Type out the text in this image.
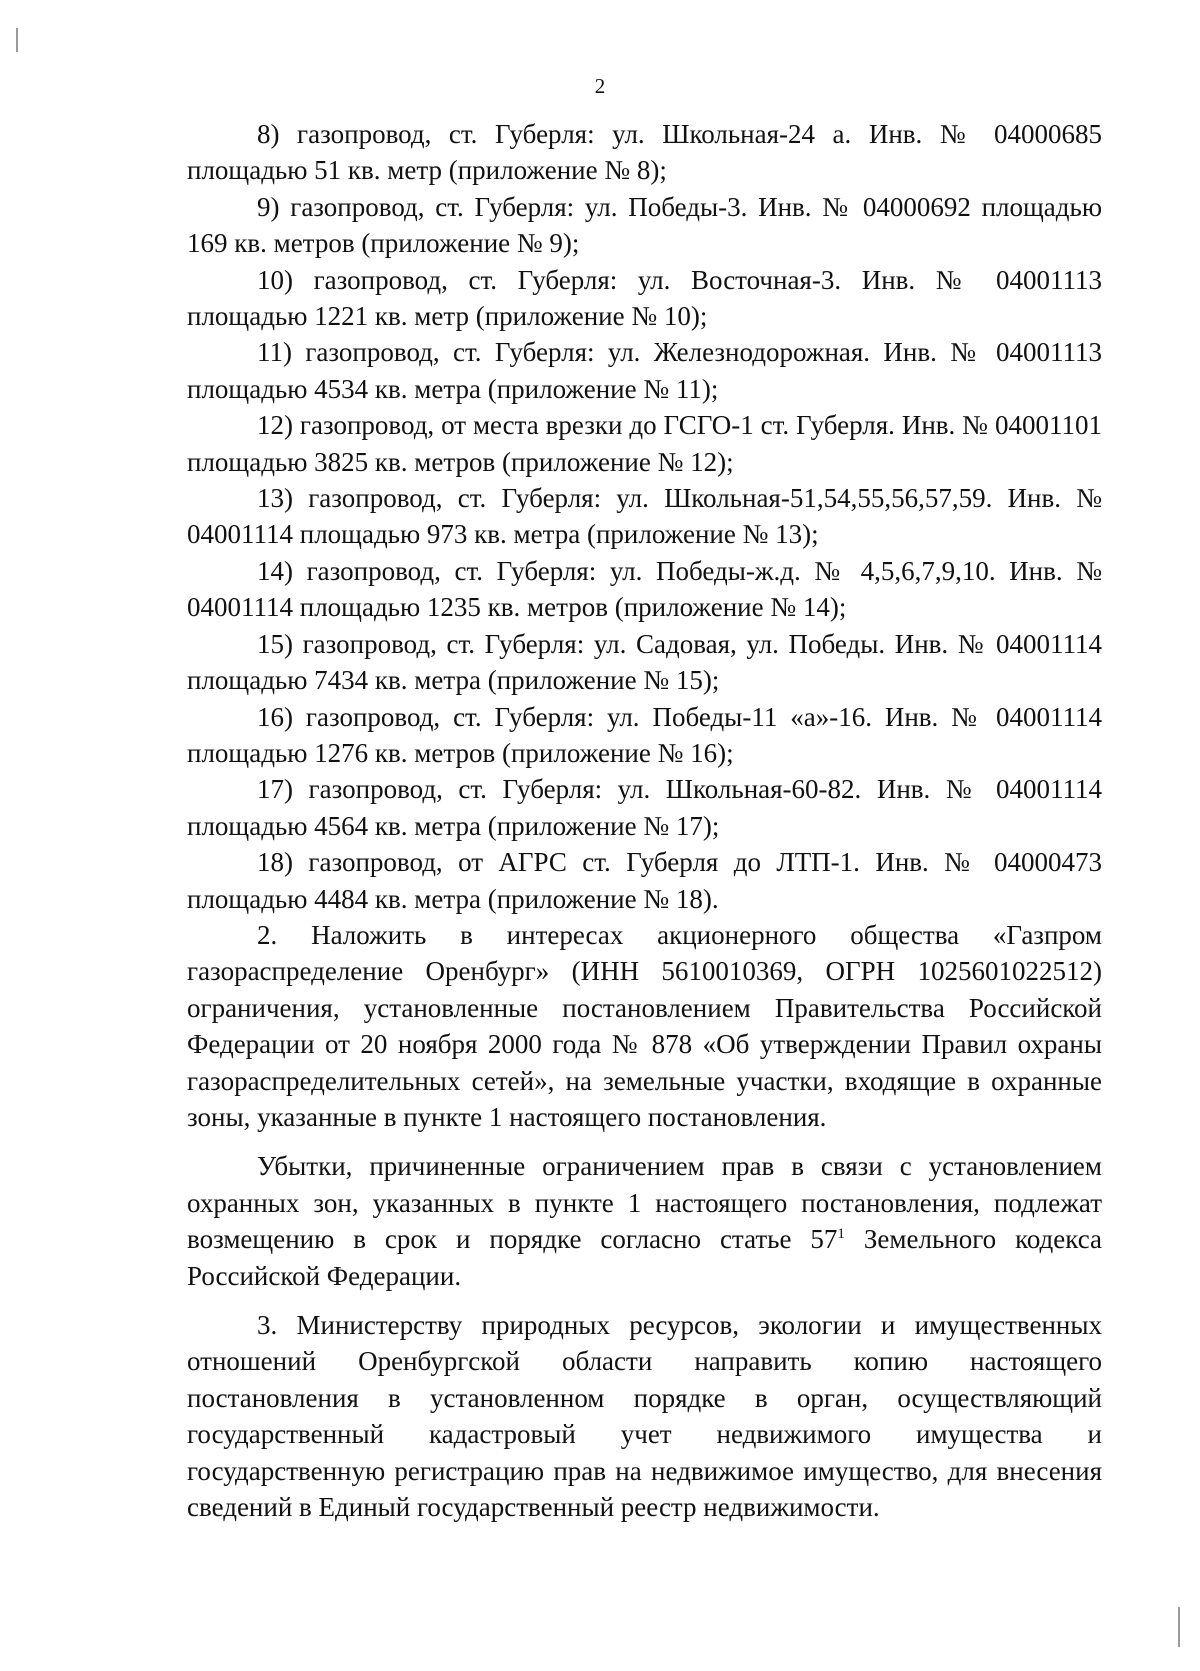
2

8) газопровод, ст. Губерля: ул. Школьная-24 а. Инв. № 04000685 площадью 51 кв. метр (приложение № 8);

9) газопровод, ст. Губерля: ул. Победы-3. Инв. № 04000692 площадью 169 кв. метров (приложение № 9);

10) газопровод, ст. Губерля: ул. Восточная-3. Инв. № 04001113 площадью 1221 кв. метр (приложение № 10);

11) газопровод, ст. Губерля: ул. Железнодорожная. Инв. № 04001113 площадью 4534 кв. метра (приложение № 11);

12) газопровод, от места врезки до ГСГО-1 ст. Губерля. Инв. № 04001101 площадью 3825 кв. метров (приложение № 12);

13) газопровод, ст. Губерля: ул. Школьная-51,54,55,56,57,59. Инв. № 04001114 площадью 973 кв. метра (приложение № 13);

14) газопровод, ст. Губерля: ул. Победы-ж.д. № 4,5,6,7,9,10. Инв. № 04001114 площадью 1235 кв. метров (приложение № 14);

15) газопровод, ст. Губерля: ул. Садовая, ул. Победы. Инв. № 04001114 площадью 7434 кв. метра (приложение № 15);

16) газопровод, ст. Губерля: ул. Победы-11 «а»-16. Инв. № 04001114 площадью 1276 кв. метров (приложение № 16);

17) газопровод, ст. Губерля: ул. Школьная-60-82. Инв. № 04001114 площадью 4564 кв. метра (приложение № 17);

18) газопровод, от АГРС ст. Губерля до ЛТП-1. Инв. № 04000473 площадью 4484 кв. метра (приложение № 18).

2. Наложить в интересах акционерного общества «Газпром газораспределение Оренбург» (ИНН 5610010369, ОГРН 1025601022512) ограничения, установленные постановлением Правительства Российской Федерации от 20 ноября 2000 года № 878 «Об утверждении Правил охраны газораспределительных сетей», на земельные участки, входящие в охранные зоны, указанные в пункте 1 настоящего постановления.

Убытки, причиненные ограничением прав в связи с установлением охранных зон, указанных в пункте 1 настоящего постановления, подлежат возмещению в срок и порядке согласно статье $57^1$ Земельного кодекса Российской Федерации.

3. Министерству природных ресурсов, экологии и имущественных отношений Оренбургской области направить копию настоящего постановления в установленном порядке в орган, осуществляющий государственный кадастровый учет недвижимого имущества и государственную регистрацию прав на недвижимое имущество, для внесения сведений в Единый государственный реестр недвижимости.
